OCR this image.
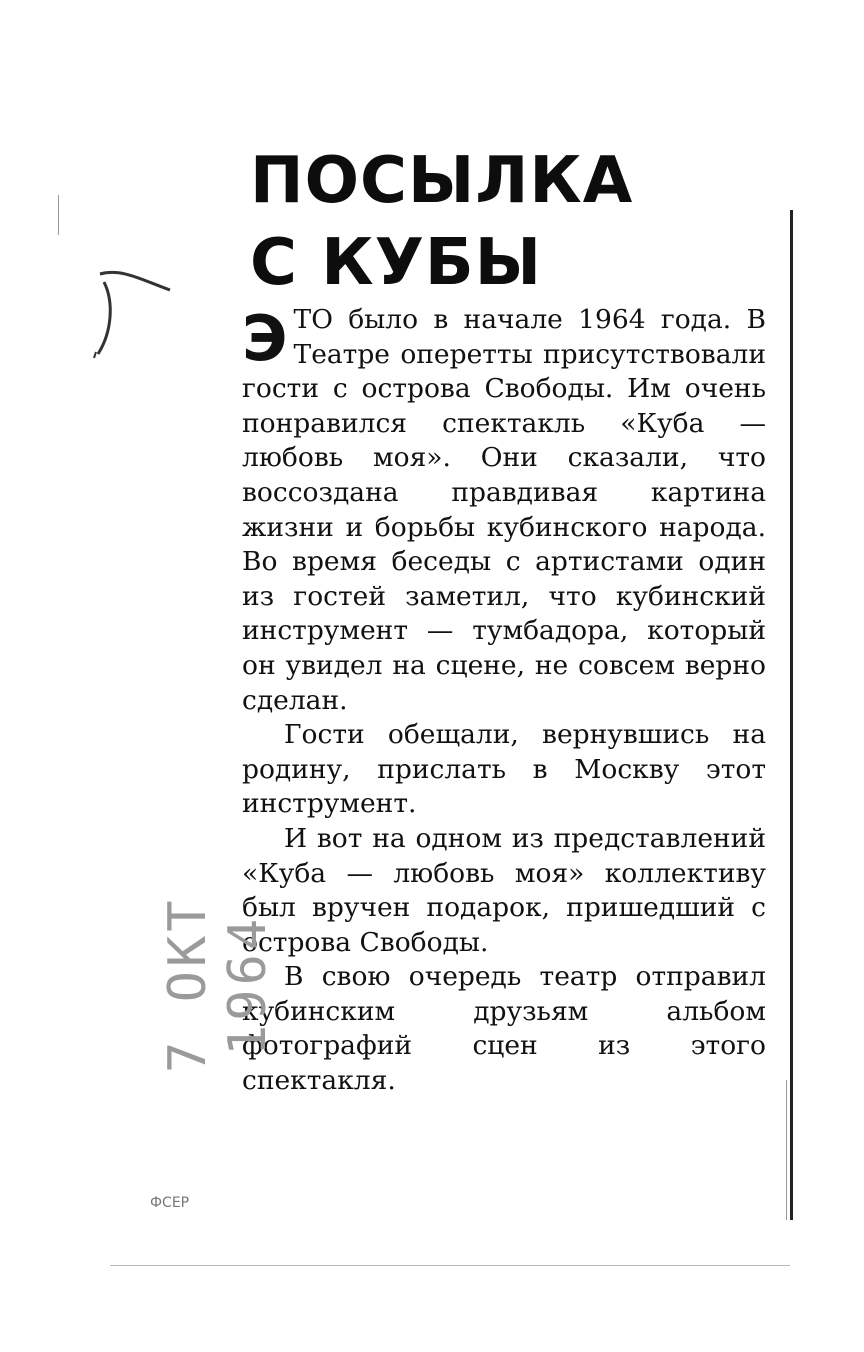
ПОСЫЛКА
С КУБЫ

ЭТО было в начале 1964 года. В Театре оперетты присутствовали гости с острова Свободы. Им очень понравился спектакль «Куба — любовь моя». Они сказали, что воссоздана правдивая картина жизни и борьбы кубинского народа. Во время беседы с артистами один из гостей заметил, что кубинский инструмент — тумбадора, который он увидел на сцене, не совсем верно сделан.

Гости обещали, вернувшись на родину, прислать в Москву этот инструмент.

И вот на одном из представлений «Куба — любовь моя» коллективу был вручен подарок, пришедший с острова Свободы.

В свою очередь театр отправил кубинским друзьям альбом фотографий сцен из этого спектакля.

7 ОКТ 1964
ФСЕР
